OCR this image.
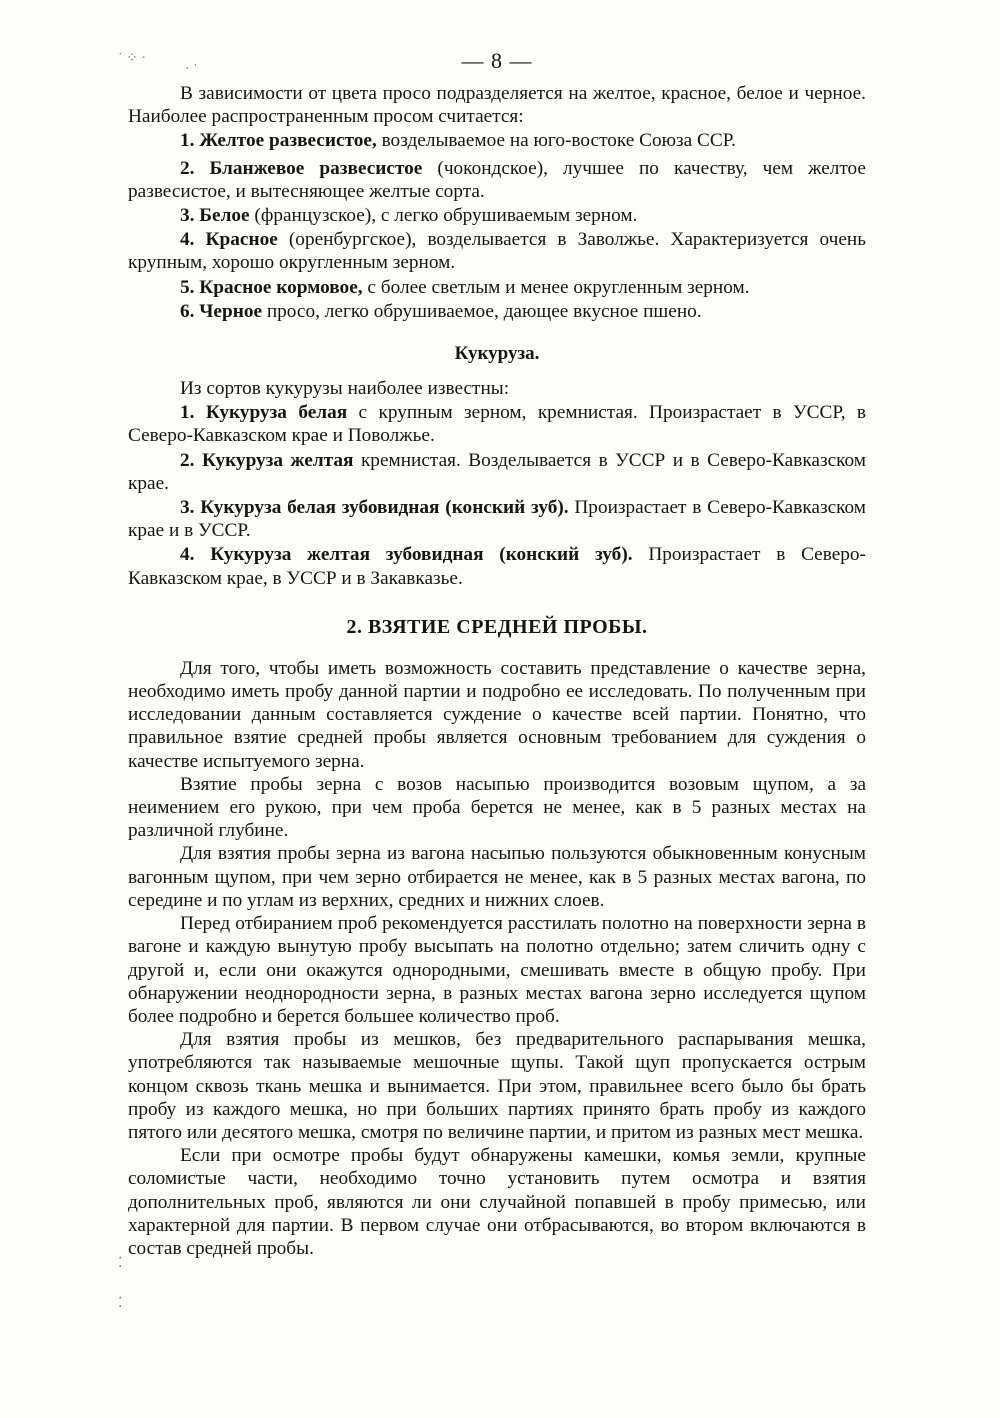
˙ ⁘ ·
· ˙
⁚
⁚
— 8 —

В зависимости от цвета просо подразделяется на желтое, красное, белое и черное. Наиболее распространенным просом считается:

1. Желтое развесистое, возделываемое на юго-востоке Союза ССР.

2. Бланжевое развесистое (чокондское), лучшее по качеству, чем желтое развесистое, и вытесняющее желтые сорта.

3. Белое (французское), с легко обрушиваемым зерном.

4. Красное (оренбургское), возделывается в Заволжье. Характеризуется очень крупным, хорошо округленным зерном.

5. Красное кормовое, с более светлым и менее округленным зерном.

6. Черное просо, легко обрушиваемое, дающее вкусное пшено.

Кукуруза.

Из сортов кукурузы наиболее известны:

1. Кукуруза белая с крупным зерном, кремнистая. Произрастает в УССР, в Северо-Кавказском крае и Поволжье.

2. Кукуруза желтая кремнистая. Возделывается в УССР и в Северо-Кавказском крае.

3. Кукуруза белая зубовидная (конский зуб). Произрастает в Северо-Кавказском крае и в УССР.

4. Кукуруза желтая зубовидная (конский зуб). Произрастает в Северо-Кавказском крае, в УССР и в Закавказье.

2. ВЗЯТИЕ СРЕДНЕЙ ПРОБЫ.

Для того, чтобы иметь возможность составить представление о качестве зерна, необходимо иметь пробу данной партии и подробно ее исследовать. По полученным при исследовании данным составляется суждение о качестве всей партии. Понятно, что правильное взятие средней пробы является основным требованием для суждения о качестве испытуемого зерна.

Взятие пробы зерна с возов насыпью производится возовым щупом, а за неимением его рукою, при чем проба берется не менее, как в 5 разных местах на различной глубине.

Для взятия пробы зерна из вагона насыпью пользуются обыкновенным конусным вагонным щупом, при чем зерно отбирается не менее, как в 5 разных местах вагона, по середине и по углам из верхних, средних и нижних слоев.

Перед отбиранием проб рекомендуется расстилать полотно на поверхности зерна в вагоне и каждую вынутую пробу высыпать на полотно отдельно; затем сличить одну с другой и, если они окажутся однородными, смешивать вместе в общую пробу. При обнаружении неоднородности зерна, в разных местах вагона зерно исследуется щупом более подробно и берется большее количество проб.

Для взятия пробы из мешков, без предварительного распарывания мешка, употребляются так называемые мешочные щупы. Такой щуп пропускается острым концом сквозь ткань мешка и вынимается. При этом, правильнее всего было бы брать пробу из каждого мешка, но при больших партиях принято брать пробу из каждого пятого или десятого мешка, смотря по величине партии, и притом из разных мест мешка.

Если при осмотре пробы будут обнаружены камешки, комья земли, крупные соломистые части, необходимо точно установить путем осмотра и взятия дополнительных проб, являются ли они случайной попавшей в пробу примесью, или характерной для партии. В первом случае они отбрасываются, во втором включаются в состав средней пробы.
